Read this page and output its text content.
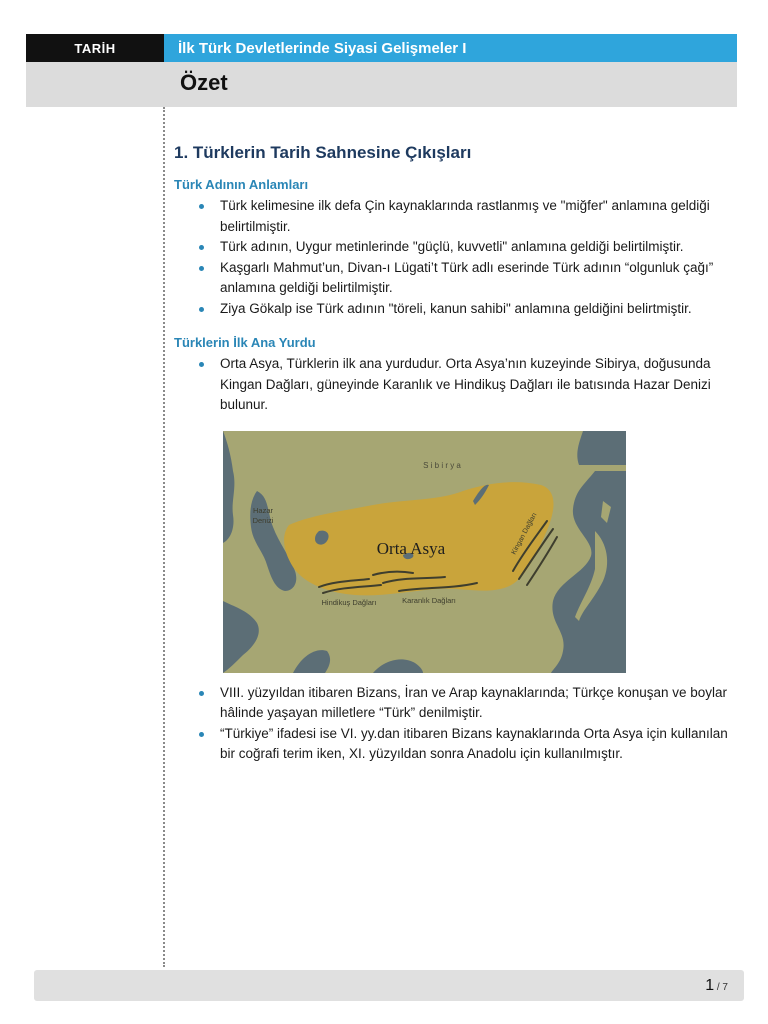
TARİH	İlk Türk Devletlerinde Siyasi Gelişmeler I
Özet
1. Türklerin Tarih Sahnesine Çıkışları
Türk Adının Anlamları
Türk kelimesine ilk defa Çin kaynaklarında rastlanmış ve "miğfer" anlamına geldiği belirtilmiştir.
Türk adının, Uygur metinlerinde "güçlü, kuvvetli" anlamına geldiği belirtilmiştir.
Kaşgarlı Mahmut’un, Divan-ı Lügati’t Türk adlı eserinde Türk adının “olgunluk çağı” anlamına geldiği belirtilmiştir.
Ziya Gökalp ise Türk adının "töreli, kanun sahibi" anlamına geldiğini belirtmiştir.
Türklerin İlk Ana Yurdu
Orta Asya, Türklerin ilk ana yurdudur. Orta Asya’nın kuzeyinde Sibirya, doğusunda Kingan Dağları, güneyinde Karanlık ve Hindikuş Dağları ile batısında Hazar Denizi bulunur.
S i b i r y a
Hazar
Denizi
Orta Asya
Hindikuş Dağları	Karanlık Dağları
Kingan Dağları
VIII. yüzyıldan itibaren Bizans, İran ve Arap kaynaklarında; Türkçe konuşan ve boylar hâlinde yaşayan milletlere “Türk” denilmiştir.
“Türkiye” ifadesi ise VI. yy.dan itibaren Bizans kaynaklarında Orta Asya için kullanılan bir coğrafi terim iken, XI. yüzyıldan sonra Anadolu için kullanılmıştır.
1 / 7
